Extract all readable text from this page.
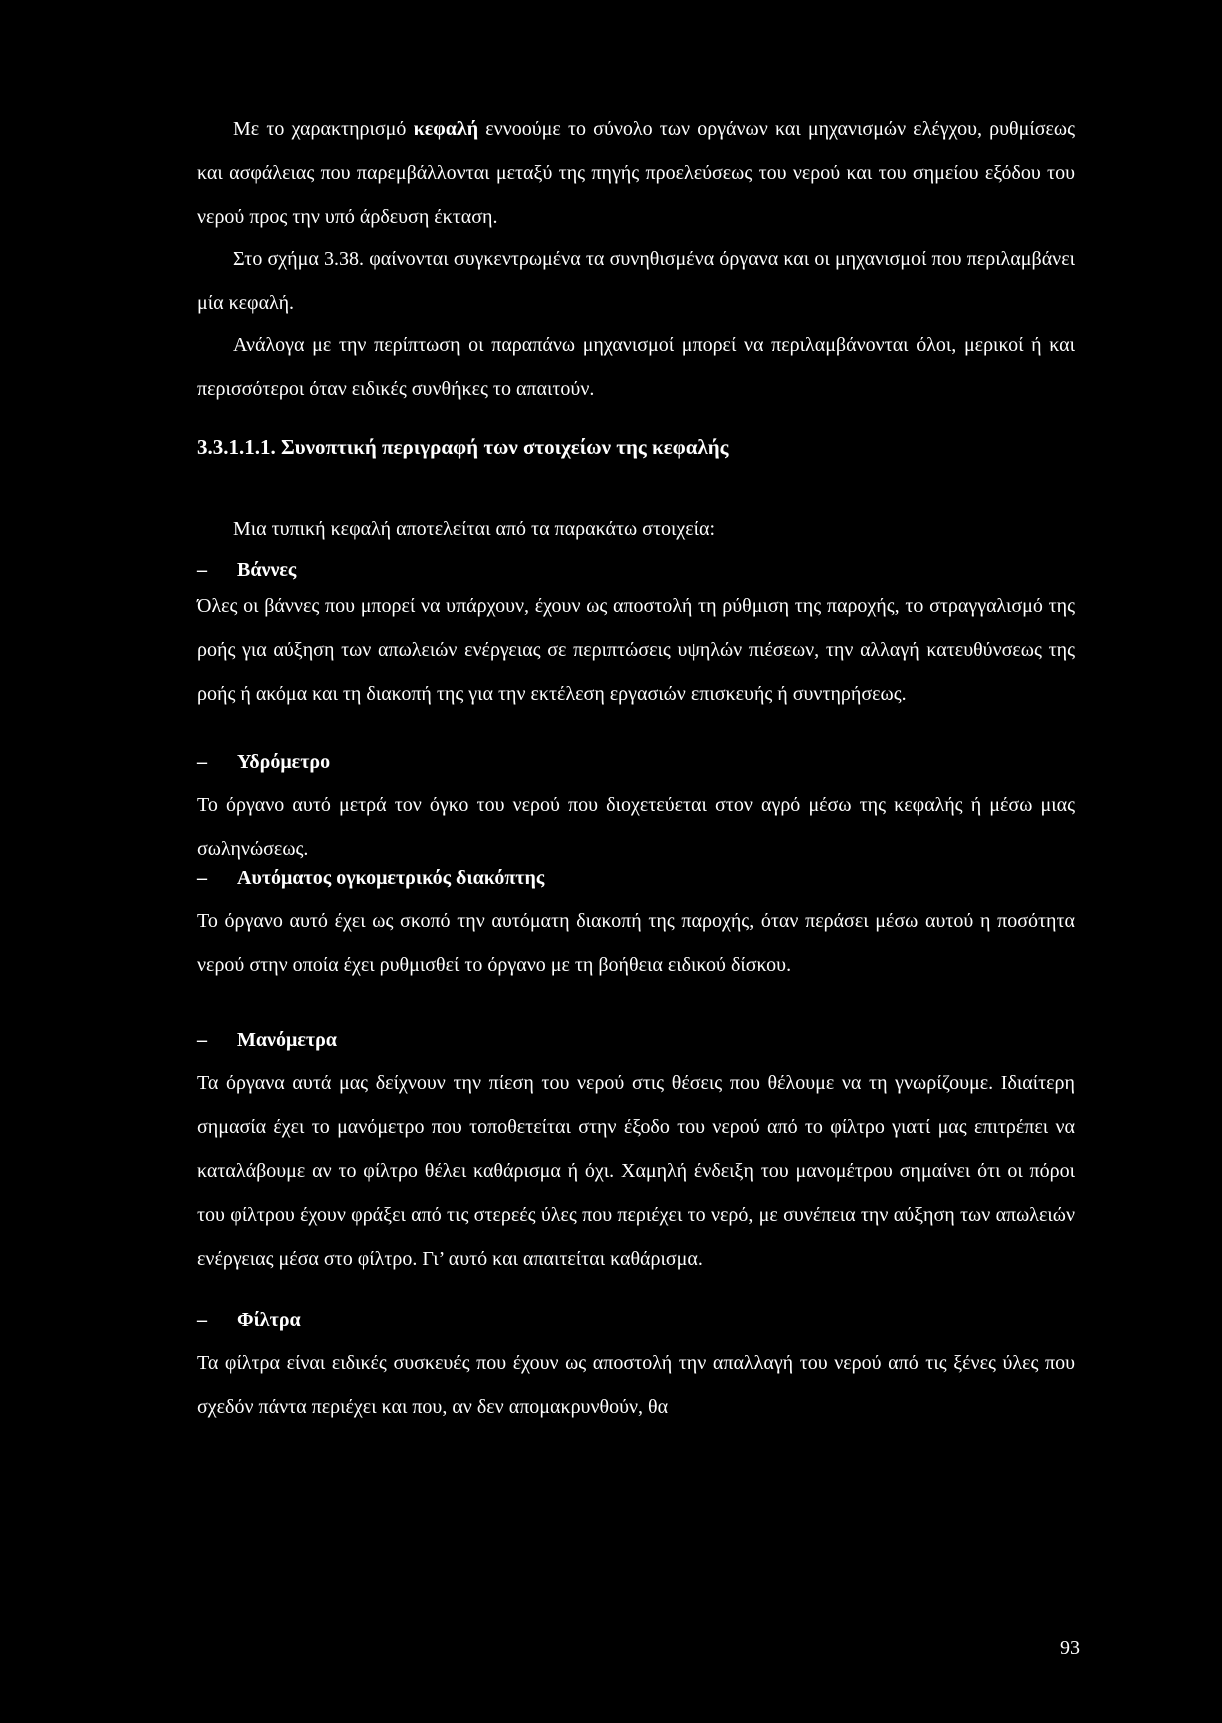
Με το χαρακτηρισμό κεφαλή εννοούμε το σύνολο των οργάνων και μηχανισμών ελέγχου, ρυθμίσεως και ασφάλειας που παρεμβάλλονται μεταξύ της πηγής προελεύσεως του νερού και του σημείου εξόδου του νερού προς την υπό άρδευση έκταση.

Στο σχήμα 3.38. φαίνονται συγκεντρωμένα τα συνηθισμένα όργανα και οι μηχανισμοί που περιλαμβάνει μία κεφαλή.

Ανάλογα με την περίπτωση οι παραπάνω μηχανισμοί μπορεί να περιλαμβάνονται όλοι, μερικοί ή και περισσότεροι όταν ειδικές συνθήκες το απαιτούν.

3.3.1.1.1. Συνοπτική περιγραφή των στοιχείων της κεφαλής

Μια τυπική κεφαλή αποτελείται από τα παρακάτω στοιχεία:

– Βάννες

Όλες οι βάννες που μπορεί να υπάρχουν, έχουν ως αποστολή τη ρύθμιση της παροχής, το στραγγαλισμό της ροής για αύξηση των απωλειών ενέργειας σε περιπτώσεις υψηλών πιέσεων, την αλλαγή κατευθύνσεως της ροής ή ακόμα και τη διακοπή της για την εκτέλεση εργασιών επισκευής ή συντηρήσεως.

– Υδρόμετρο

Το όργανο αυτό μετρά τον όγκο του νερού που διοχετεύεται στον αγρό μέσω της κεφαλής ή μέσω μιας σωληνώσεως.

– Αυτόματος ογκομετρικός διακόπτης

Το όργανο αυτό έχει ως σκοπό την αυτόματη διακοπή της παροχής, όταν περάσει μέσω αυτού η ποσότητα νερού στην οποία έχει ρυθμισθεί το όργανο με τη βοήθεια ειδικού δίσκου.

– Μανόμετρα

Τα όργανα αυτά μας δείχνουν την πίεση του νερού στις θέσεις που θέλουμε να τη γνωρίζουμε. Ιδιαίτερη σημασία έχει το μανόμετρο που τοποθετείται στην έξοδο του νερού από το φίλτρο γιατί μας επιτρέπει να καταλάβουμε αν το φίλτρο θέλει καθάρισμα ή όχι. Χαμηλή ένδειξη του μανομέτρου σημαίνει ότι οι πόροι του φίλτρου έχουν φράξει από τις στερεές ύλες που περιέχει το νερό, με συνέπεια την αύξηση των απωλειών ενέργειας μέσα στο φίλτρο. Γι’ αυτό και απαιτείται καθάρισμα.

– Φίλτρα

Τα φίλτρα είναι ειδικές συσκευές που έχουν ως αποστολή την απαλλαγή του νερού από τις ξένες ύλες που σχεδόν πάντα περιέχει και που, αν δεν απομακρυνθούν, θα

93
